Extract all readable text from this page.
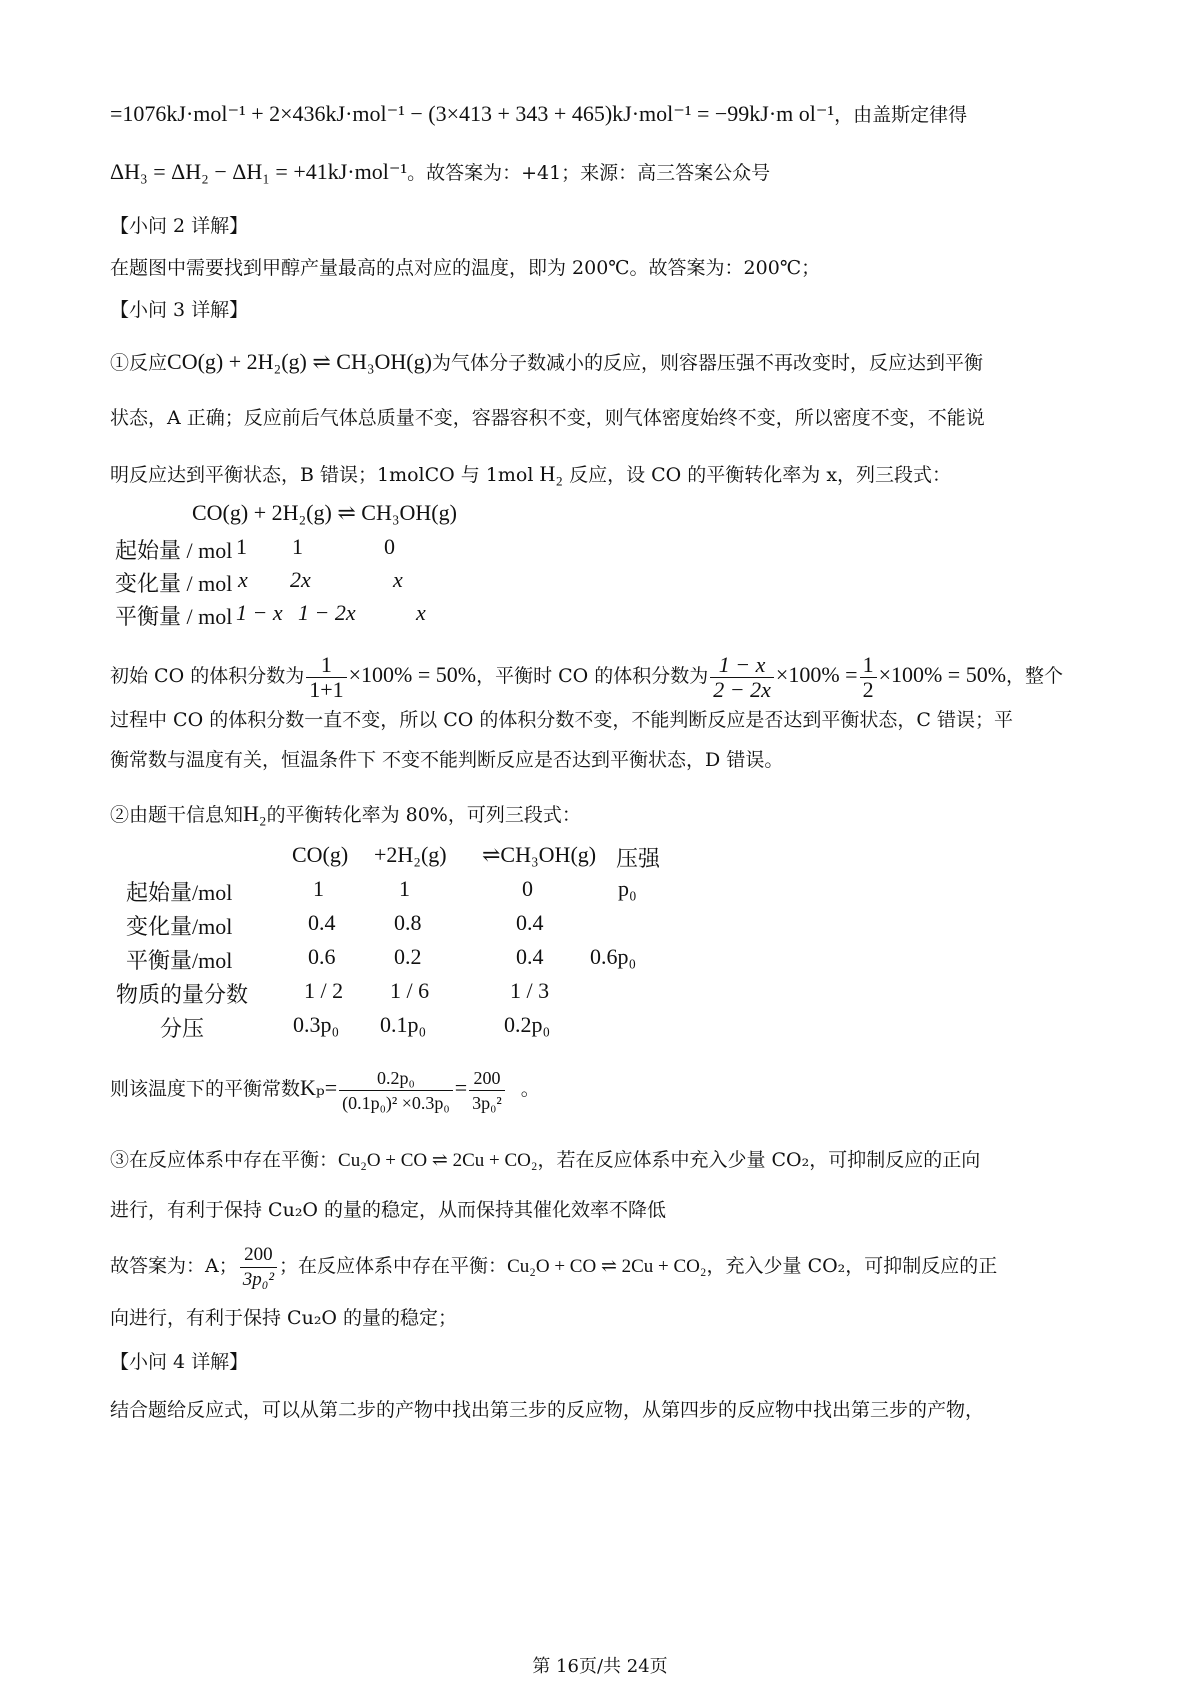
=1076kJ·mol⁻¹ + 2×436kJ·mol⁻¹ − (3×413 + 343 + 465)kJ·mol⁻¹ = −99kJ·m ol⁻¹，由盖斯定律得
ΔH₃ = ΔH₂ − ΔH₁ = +41kJ·mol⁻¹。故答案为：+41；来源：高三答案公众号
【小问 2 详解】
在题图中需要找到甲醇产量最高的点对应的温度，即为 200℃。故答案为：200℃；
【小问 3 详解】
①反应CO(g) + 2H₂(g) ⇌ CH₃OH(g)为气体分子数减小的反应，则容器压强不再改变时，反应达到平衡
状态，A 正确；反应前后气体总质量不变，容器容积不变，则气体密度始终不变，所以密度不变，不能说
明反应达到平衡状态，B 错误；1molCO 与 1mol H₂ 反应，设 CO 的平衡转化率为 x，列三段式：
CO(g) + 2H₂(g) ⇌ CH₃OH(g)
起始量 / mol 1 1	0
变化量 / mol x 2x	x
平衡量 / mol 1 − x 1 − 2x	x
初始 CO 的体积分数为 $\frac{1}{1+1} \times 100\% = 50\%$，平衡时 CO 的体积分数为 $\frac{1 - x}{2 - 2x} \times 100\% = \frac{1}{2} \times 100\% = 50\%$，整个
过程中 CO 的体积分数一直不变，所以 CO 的体积分数不变，不能判断反应是否达到平衡状态，C 错误；平
衡常数与温度有关，恒温条件下 不变不能判断反应是否达到平衡状态，D 错误。
②由题干信息知H₂的平衡转化率为 80%，可列三段式：
CO(g) +2H₂(g) ⇌CH₃OH(g) 压强
起始量/mol	1	1	0	p₀
变化量/mol	0.4	0.8	0.4
平衡量/mol	0.6	0.2	0.4 0.6p₀
物质的量分数	1 / 2 1 / 6	1 / 3
分压	0.3p₀ 0.1p₀	0.2p₀
则该温度下的平衡常数$K_p= \frac{\text{0.2p₀}}{\text{(0.1p₀)² ×0.3p₀}} = \frac{200}{\text{3p₀²}}$ 。
③在反应体系中存在平衡：Cu₂O + CO ⇌ 2Cu + CO₂，若在反应体系中充入少量 CO₂，可抑制反应的正向
进行，有利于保持 Cu₂O 的量的稳定，从而保持其催化效率不降低
故答案为：A； $\frac{200}{\text{3p₀²}}$ ；在反应体系中存在平衡：Cu₂O + CO ⇌ 2Cu + CO₂，充入少量 CO₂，可抑制反应的正
向进行，有利于保持 Cu₂O 的量的稳定；
【小问 4 详解】
结合题给反应式，可以从第二步的产物中找出第三步的反应物，从第四步的反应物中找出第三步的产物，
第 16页/共 24页
